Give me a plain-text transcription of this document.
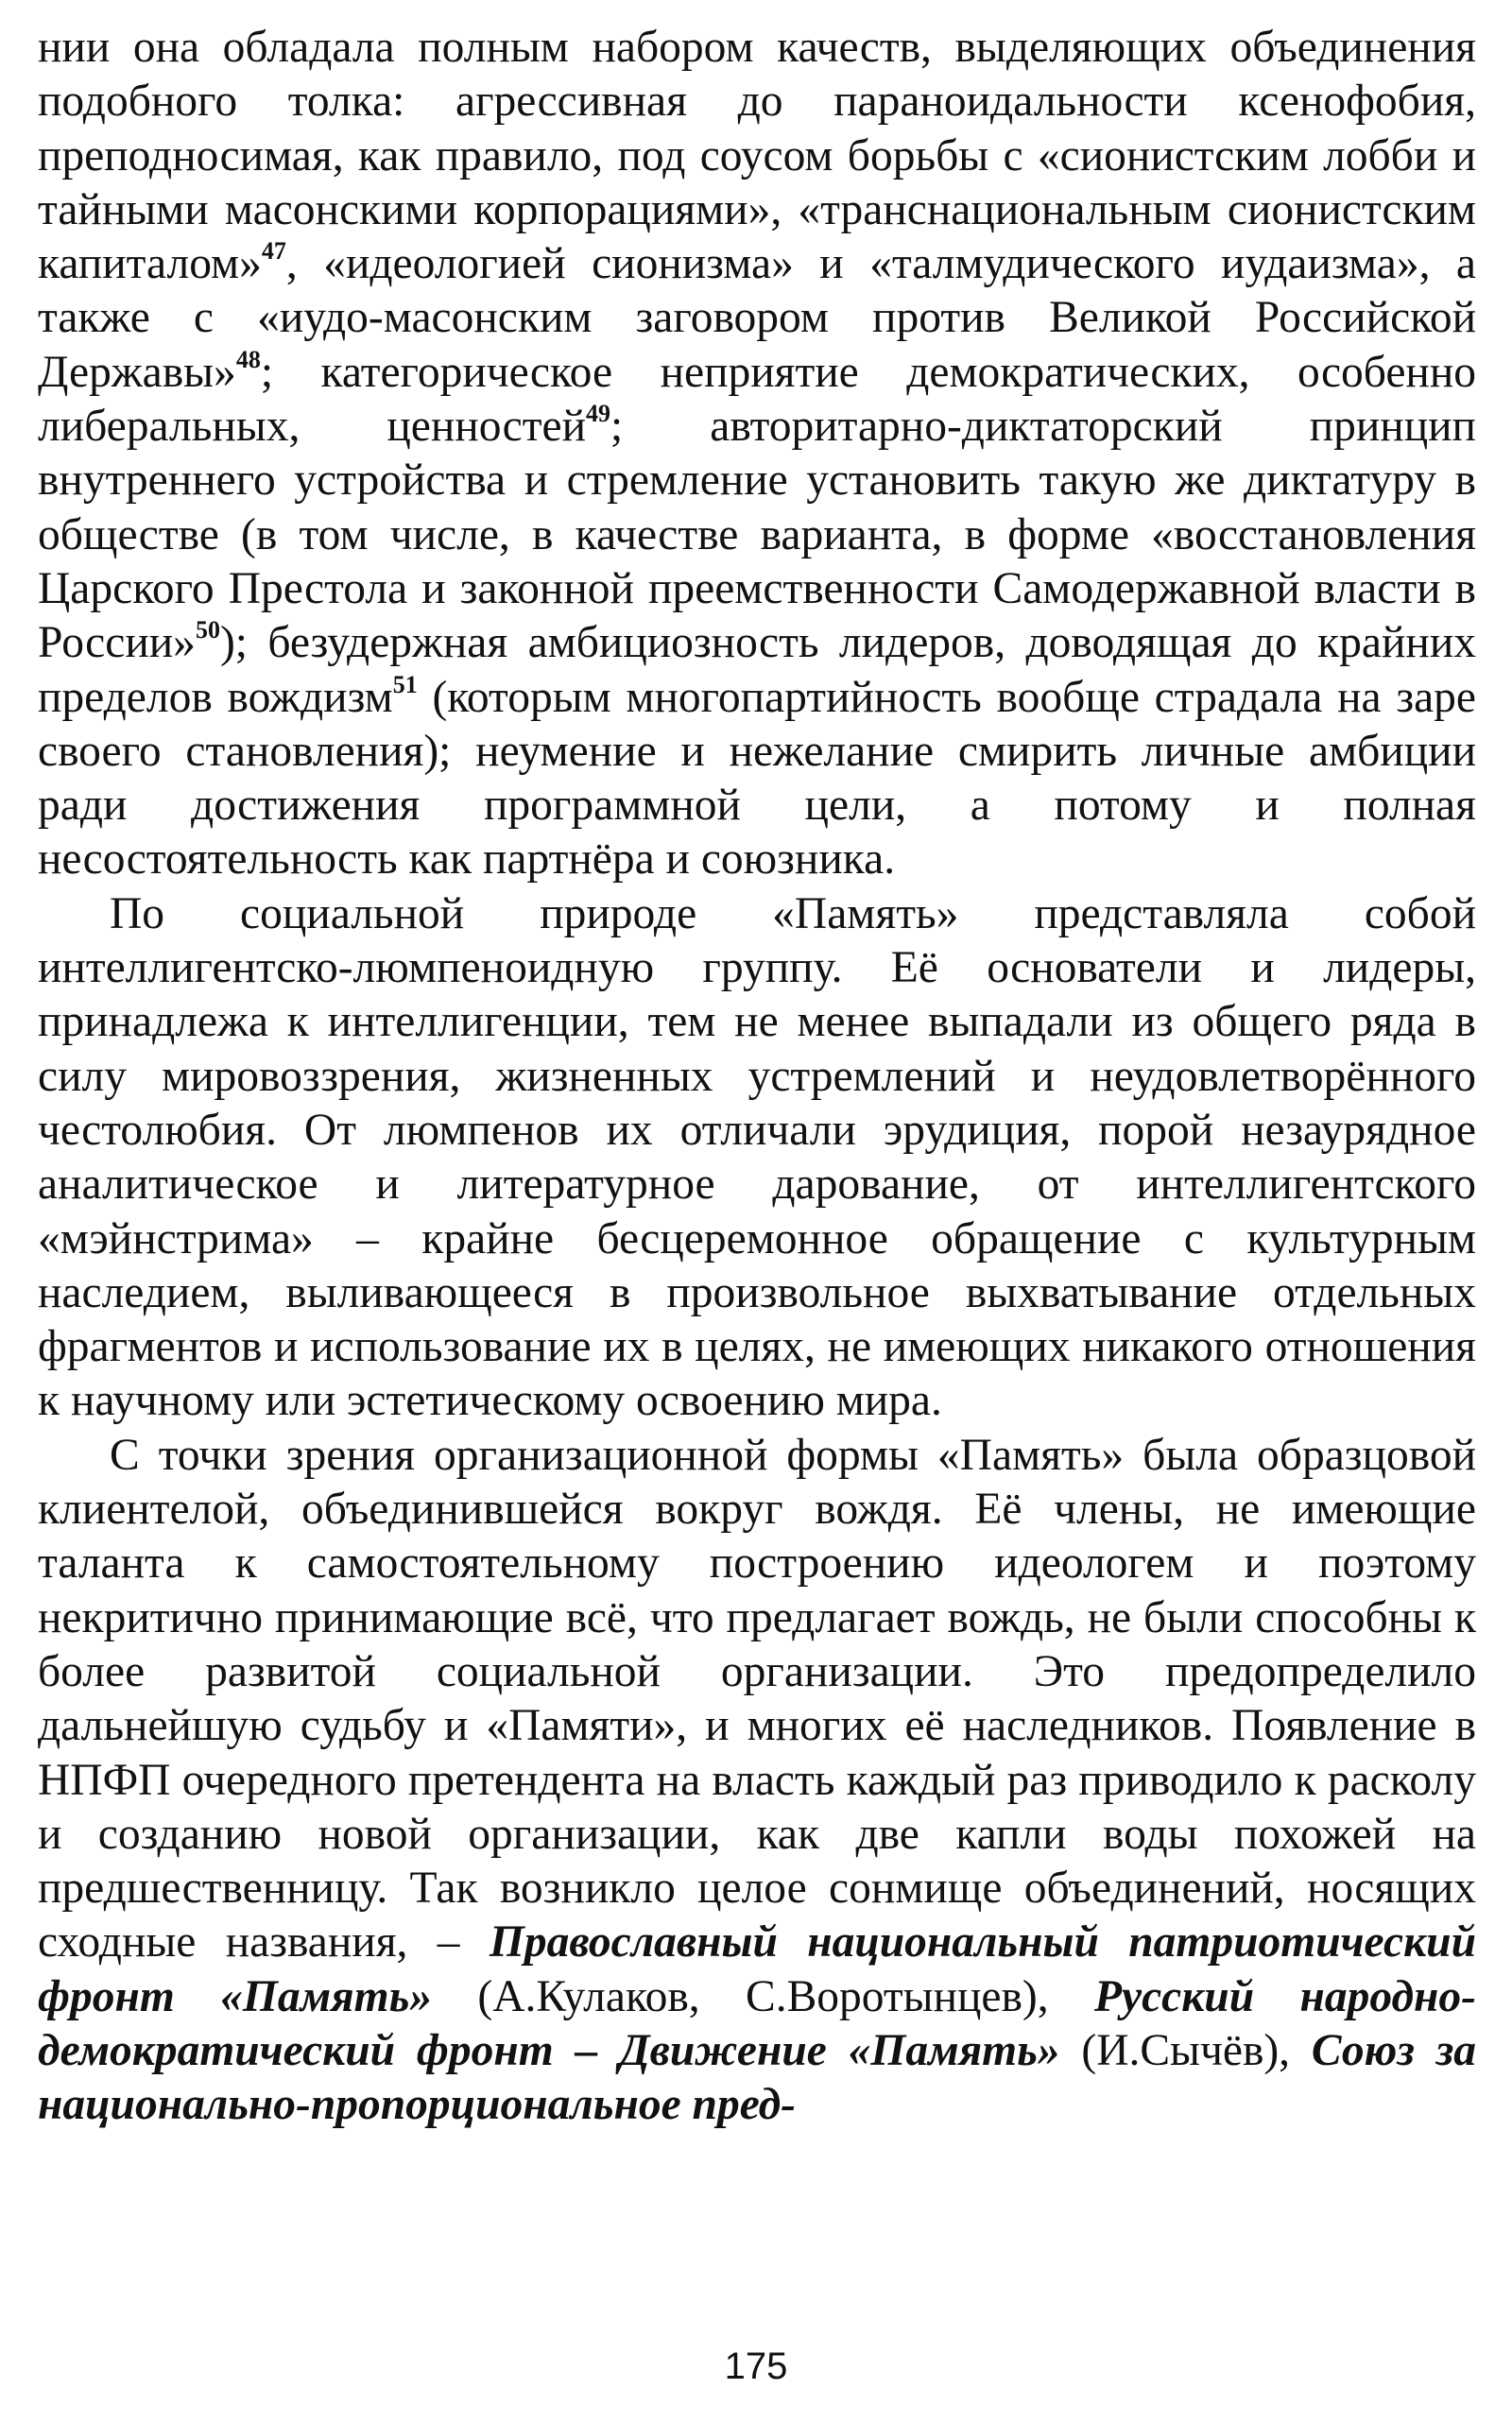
нии она обладала полным набором качеств, выделяющих объединения подобного толка: агрессивная до параноидальности ксенофобия, преподносимая, как правило, под соусом борьбы с «сионистским лобби и тайными масонскими корпорациями», «транснациональным сионистским капиталом»$^{47}$, «идеологией сионизма» и «талмудического иудаизма», а также с «иудо-масонским заговором против Великой Российской Державы»$^{48}$; категорическое неприятие демократических, особенно либеральных, ценностей$^{49}$; авторитарно-диктаторский принцип внутреннего устройства и стремление установить такую же диктатуру в обществе (в том числе, в качестве варианта, в форме «восстановления Царского Престола и законной преемственности Самодержавной власти в России»$^{50}$); безудержная амбициозность лидеров, доводящая до крайних пределов вождизм$^{51}$ (которым многопартийность вообще страдала на заре своего становления); неумение и нежелание смирить личные амбиции ради достижения программной цели, а потому и полная несостоятельность как партнёра и союзника.

По социальной природе «Память» представляла собой интеллигентско-люмпеноидную группу. Её основатели и лидеры, принадлежа к интеллигенции, тем не менее выпадали из общего ряда в силу мировоззрения, жизненных устремлений и неудовлетворённого честолюбия. От люмпенов их отличали эрудиция, порой незаурядное аналитическое и литературное дарование, от интеллигентского «мэйнстрима» – крайне бесцеремонное обращение с культурным наследием, выливающееся в произвольное выхватывание отдельных фрагментов и использование их в целях, не имеющих никакого отношения к научному или эстетическому освоению мира.

С точки зрения организационной формы «Память» была образцовой клиентелой, объединившейся вокруг вождя. Её члены, не имеющие таланта к самостоятельному построению идеологем и поэтому некритично принимающие всё, что предлагает вождь, не были способны к более развитой социальной организации. Это предопределило дальнейшую судьбу и «Памяти», и многих её наследников. Появление в НПФП очередного претендента на власть каждый раз приводило к расколу и созданию новой организации, как две капли воды похожей на предшественницу. Так возникло целое сонмище объединений, носящих сходные названия, – Православный национальный патриотический фронт «Память» (А.Кулаков, С.Воротынцев), Русский народно-демократический фронт – Движение «Память» (И.Сычёв), Союз за национально-пропорциональное пред-

175
